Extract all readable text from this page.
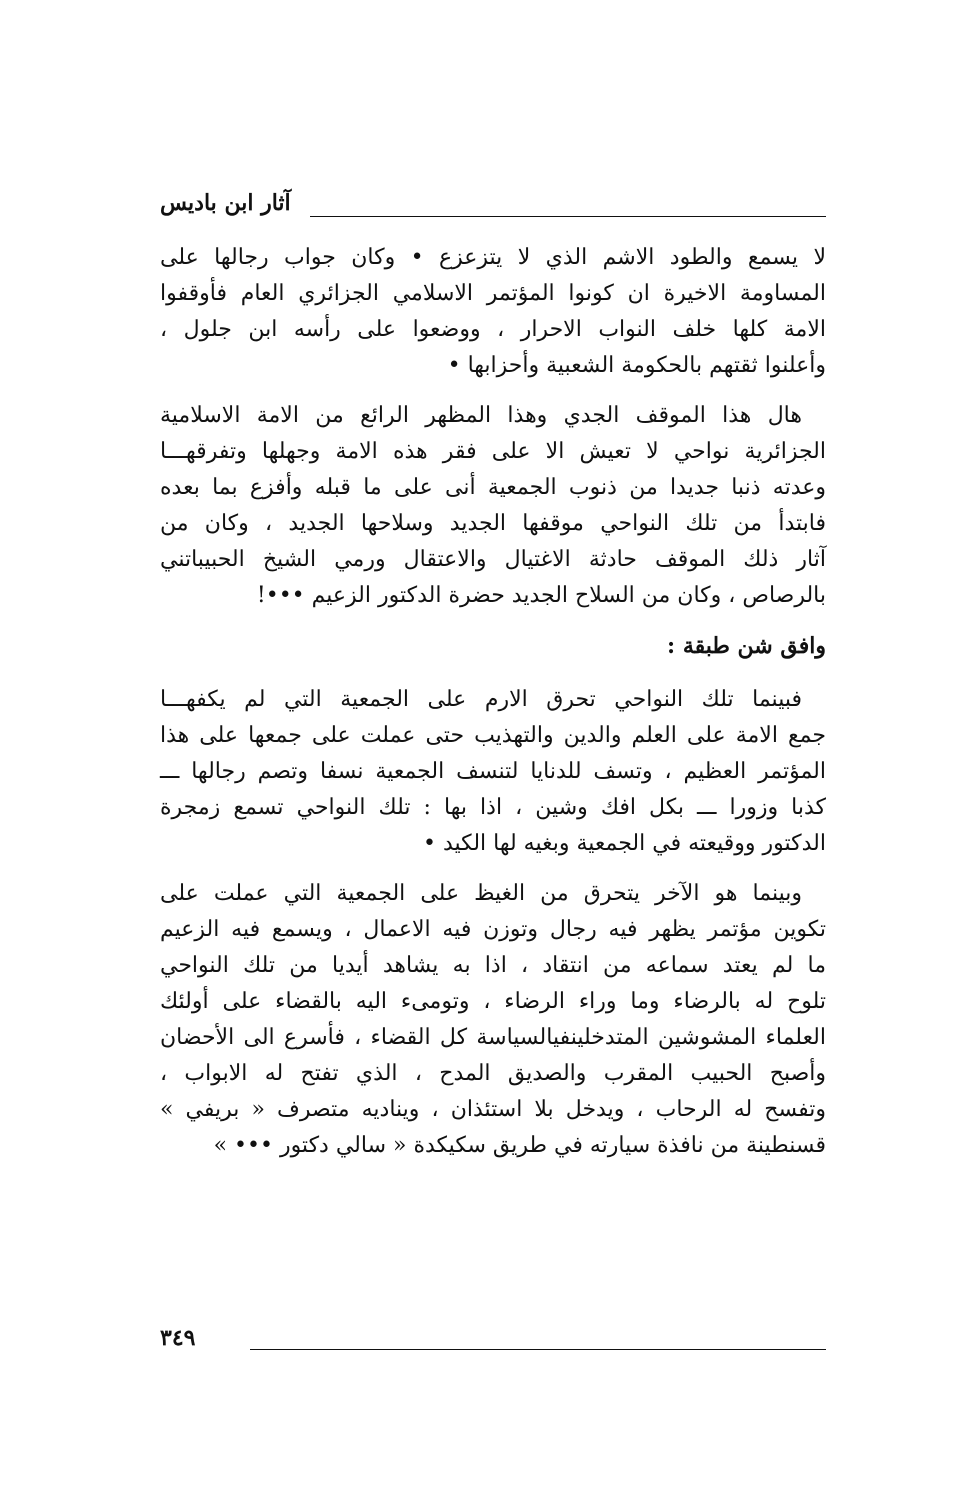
آثار ابن باديس
لا يسمع والطود الاشم الذي لا يتزعزع • وكان جواب رجالها على
المساومة الاخيرة ان كونوا المؤتمر الاسلامي الجزائري العام فأوقفوا
الامة كلها خلف النواب الاحرار ، ووضعوا على رأسه ابن جلول ،
وأعلنوا ثقتهم بالحكومة الشعبية وأحزابها •
هال هذا الموقف الجدي وهذا المظهر الرائع من الامة الاسلامية
الجزائرية نواحي لا تعيش الا على فقر هذه الامة وجهلها وتفرقهـــا
وعدته ذنبا جديدا من ذنوب الجمعية أنى على ما قبله وأفزع بما بعده
فابتدأ من تلك النواحي موقفها الجديد وسلاحها الجديد ، وكان من
آثار ذلك الموقف حادثة الاغتيال والاعتقال ورمي الشيخ الحبيباتني
بالرصاص ، وكان من السلاح الجديد حضرة الدكتور الزعيم •••!
وافق شن طبقة :
فبينما تلك النواحي تحرق الارم على الجمعية التي لم يكفهـــا
جمع الامة على العلم والدين والتهذيب حتى عملت على جمعها على هذا
المؤتمر العظيم ، وتسف للدنايا لتنسف الجمعية نسفا وتصم رجالها ـــ
كذبا وزورا ـــ بكل افك وشين ، اذا بها : تلك النواحي تسمع زمجرة
الدكتور ووقيعته في الجمعية وبغيه لها الكيد •
وبينما هو الآخر يتحرق من الغيظ على الجمعية التي عملت على
تكوين مؤتمر يظهر فيه رجال وتوزن فيه الاعمال ، ويسمع فيه الزعيم
ما لم يعتد سماعه من انتقاد ، اذا به يشاهد أيديا من تلك النواحي
تلوح له بالرضاء وما وراء الرضاء ، وتومىء اليه بالقضاء على أولئك
العلماء المشوشين المتدخلينفيالسياسة كل القضاء ، فأسرع الى الأحضان
وأصبح الحبيب المقرب والصديق المدح ، الذي تفتح له الابواب ،
وتفسح له الرحاب ، ويدخل بلا استئذان ، ويناديه متصرف « بريفي »
قسنطينة من نافذة سيارته في طريق سكيكدة « سالي دكتور ••• »
٣٤٩
